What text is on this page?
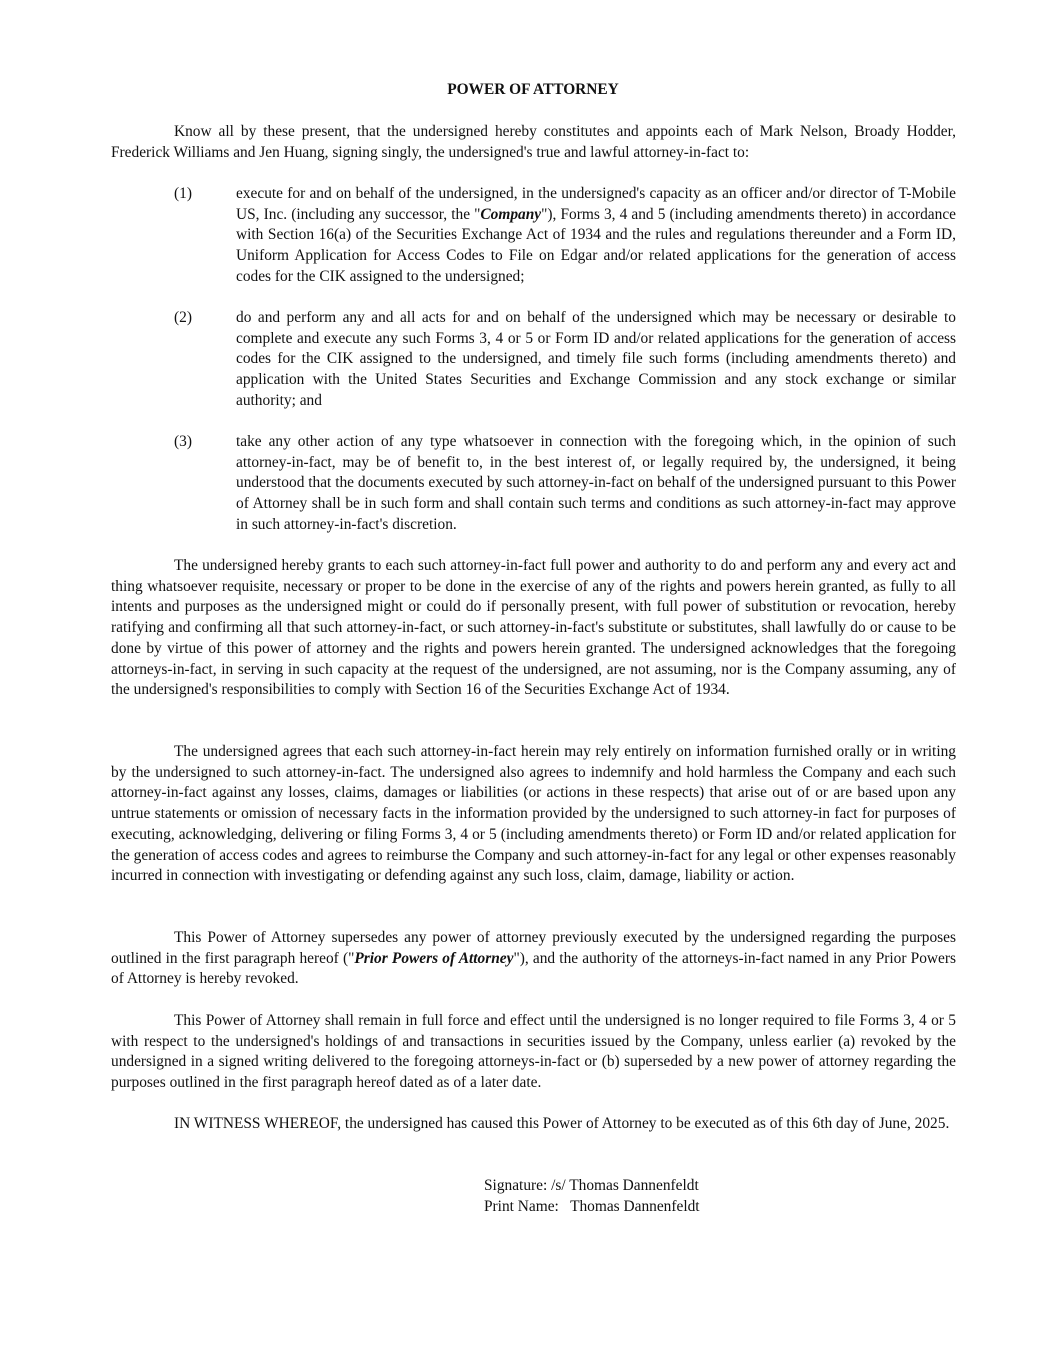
POWER OF ATTORNEY

Know all by these present, that the undersigned hereby constitutes and appoints each of Mark Nelson, Broady Hodder, Frederick Williams and Jen Huang, signing singly, the undersigned's true and lawful attorney-in-fact to:

(1)	execute for and on behalf of the undersigned, in the undersigned's capacity as an officer and/or director of T-Mobile US, Inc. (including any successor, the "Company"), Forms 3, 4 and 5 (including amendments thereto) in accordance with Section 16(a) of the Securities Exchange Act of 1934 and the rules and regulations thereunder and a Form ID, Uniform Application for Access Codes to File on Edgar and/or related applications for the generation of access codes for the CIK assigned to the undersigned;

(2)	do and perform any and all acts for and on behalf of the undersigned which may be necessary or desirable to complete and execute any such Forms 3, 4 or 5 or Form ID and/or related applications for the generation of access codes for the CIK assigned to the undersigned, and timely file such forms (including amendments thereto) and application with the United States Securities and Exchange Commission and any stock exchange or similar authority; and

(3)	take any other action of any type whatsoever in connection with the foregoing which, in the opinion of such attorney-in-fact, may be of benefit to, in the best interest of, or legally required by, the undersigned, it being understood that the documents executed by such attorney-in-fact on behalf of the undersigned pursuant to this Power of Attorney shall be in such form and shall contain such terms and conditions as such attorney-in-fact may approve in such attorney-in-fact's discretion.

The undersigned hereby grants to each such attorney-in-fact full power and authority to do and perform any and every act and thing whatsoever requisite, necessary or proper to be done in the exercise of any of the rights and powers herein granted, as fully to all intents and purposes as the undersigned might or could do if personally present, with full power of substitution or revocation, hereby ratifying and confirming all that such attorney-in-fact, or such attorney-in-fact's substitute or substitutes, shall lawfully do or cause to be done by virtue of this power of attorney and the rights and powers herein granted. The undersigned acknowledges that the foregoing attorneys-in-fact, in serving in such capacity at the request of the undersigned, are not assuming, nor is the Company assuming, any of the undersigned's responsibilities to comply with Section 16 of the Securities Exchange Act of 1934.

The undersigned agrees that each such attorney-in-fact herein may rely entirely on information furnished orally or in writing by the undersigned to such attorney-in-fact. The undersigned also agrees to indemnify and hold harmless the Company and each such attorney-in-fact against any losses, claims, damages or liabilities (or actions in these respects) that arise out of or are based upon any untrue statements or omission of necessary facts in the information provided by the undersigned to such attorney-in fact for purposes of executing, acknowledging, delivering or filing Forms 3, 4 or 5 (including amendments thereto) or Form ID and/or related application for the generation of access codes and agrees to reimburse the Company and such attorney-in-fact for any legal or other expenses reasonably incurred in connection with investigating or defending against any such loss, claim, damage, liability or action.

This Power of Attorney supersedes any power of attorney previously executed by the undersigned regarding the purposes outlined in the first paragraph hereof ("Prior Powers of Attorney"), and the authority of the attorneys-in-fact named in any Prior Powers of Attorney is hereby revoked.

This Power of Attorney shall remain in full force and effect until the undersigned is no longer required to file Forms 3, 4 or 5 with respect to the undersigned's holdings of and transactions in securities issued by the Company, unless earlier (a) revoked by the undersigned in a signed writing delivered to the foregoing attorneys-in-fact or (b) superseded by a new power of attorney regarding the purposes outlined in the first paragraph hereof dated as of a later date.

IN WITNESS WHEREOF, the undersigned has caused this Power of Attorney to be executed as of this 6th day of June, 2025.

Signature: /s/ Thomas Dannenfeldt
Print Name: Thomas Dannenfeldt
